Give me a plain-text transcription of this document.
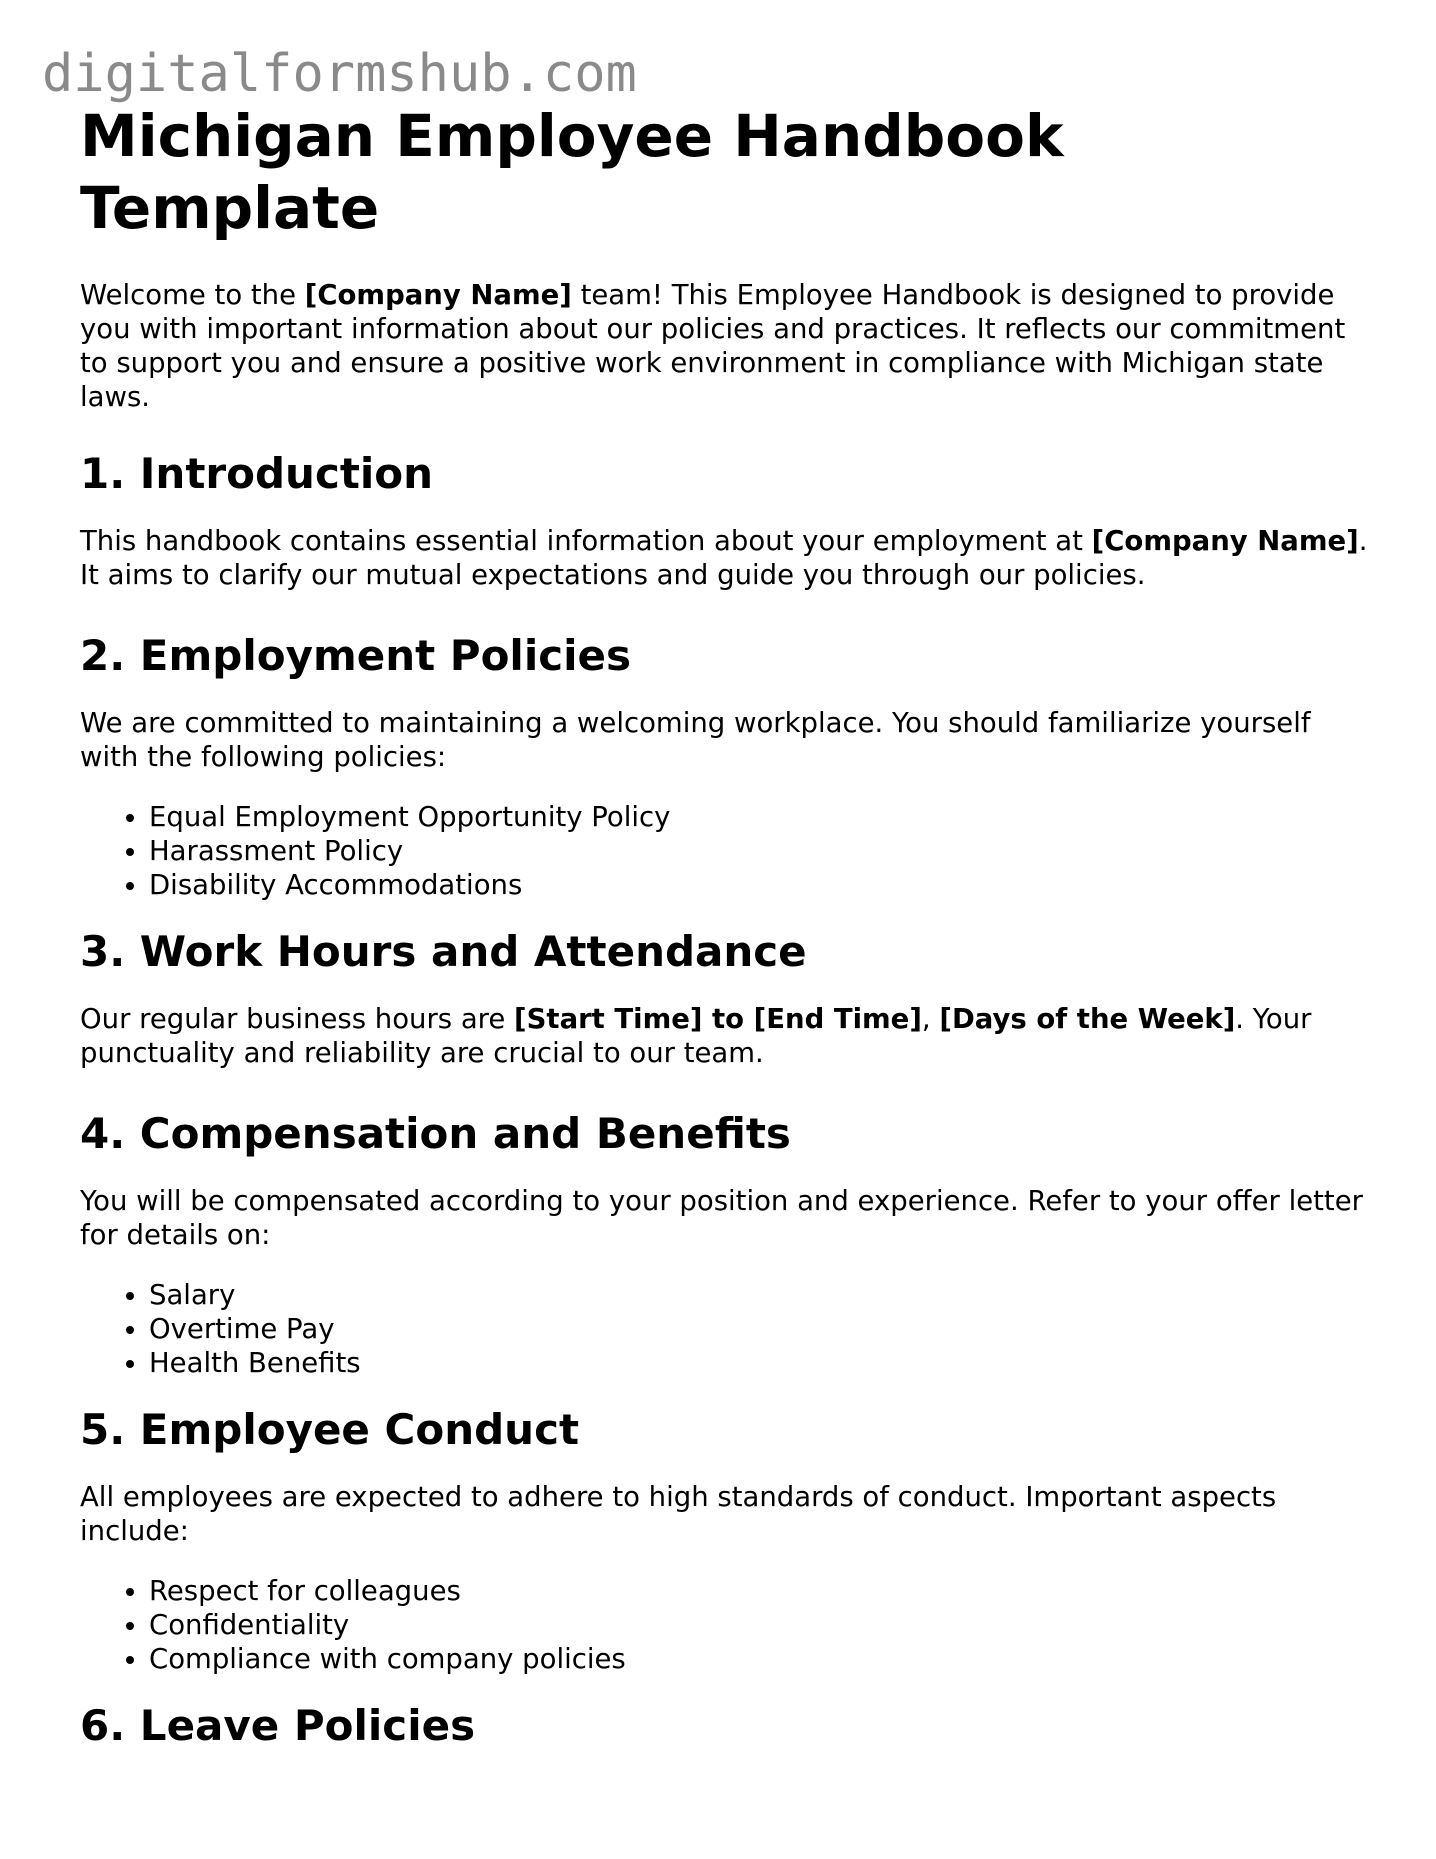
digitalformshub.com
Michigan Employee Handbook Template

Welcome to the [Company Name] team! This Employee Handbook is designed to provide you with important information about our policies and practices. It reflects our commitment to support you and ensure a positive work environment in compliance with Michigan state laws.

1. Introduction

This handbook contains essential information about your employment at [Company Name]. It aims to clarify our mutual expectations and guide you through our policies.

2. Employment Policies

We are committed to maintaining a welcoming workplace. You should familiarize yourself with the following policies:

• Equal Employment Opportunity Policy
• Harassment Policy
• Disability Accommodations
3. Work Hours and Attendance

Our regular business hours are [Start Time] to [End Time], [Days of the Week]. Your punctuality and reliability are crucial to our team.

4. Compensation and Benefits

You will be compensated according to your position and experience. Refer to your offer letter for details on:

• Salary
• Overtime Pay
• Health Benefits
5. Employee Conduct

All employees are expected to adhere to high standards of conduct. Important aspects include:

• Respect for colleagues
• Confidentiality
• Compliance with company policies
6. Leave Policies
